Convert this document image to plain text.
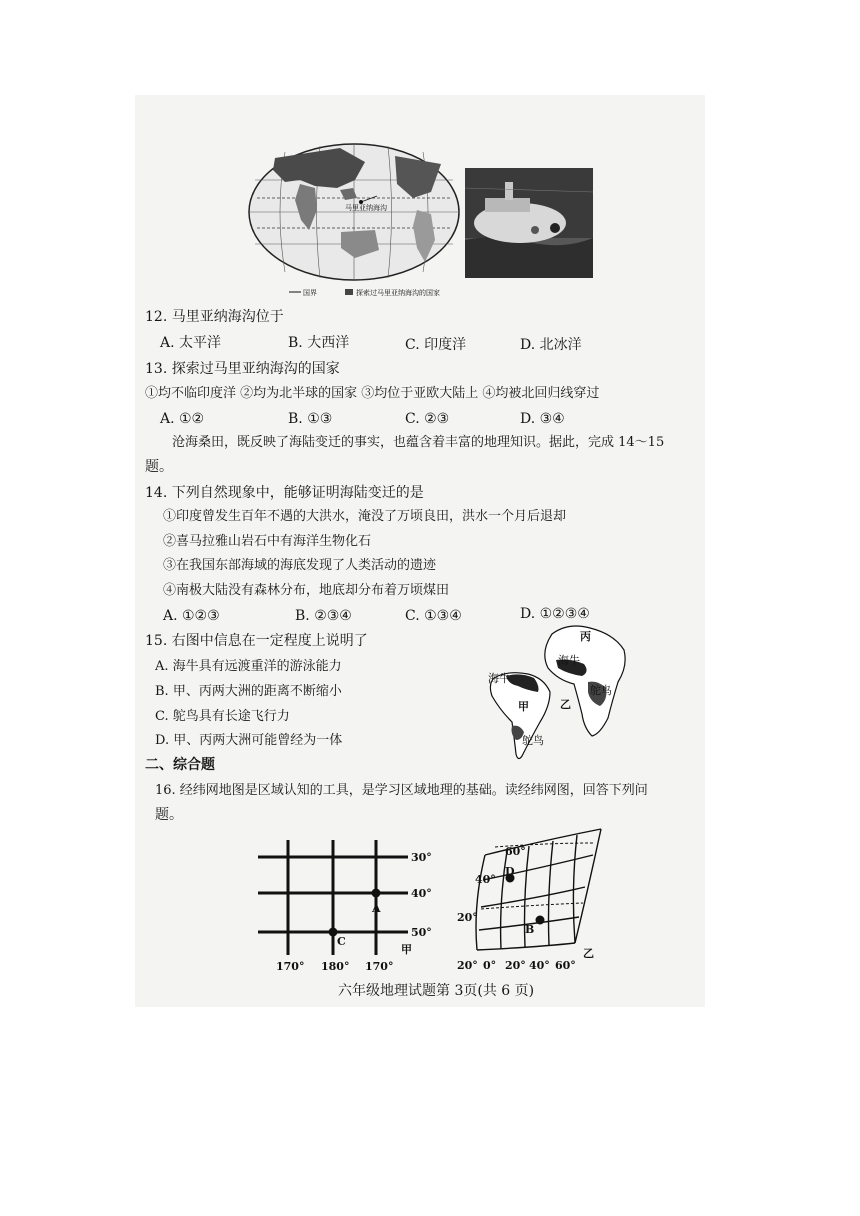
马里亚纳海沟
国界	探索过马里亚纳海沟的国家
12. 马里亚纳海沟位于
A. 太平洋	B. 大西洋	C. 印度洋	D. 北冰洋
13. 探索过马里亚纳海沟的国家
①均不临印度洋 ②均为北半球的国家 ③均位于亚欧大陆上 ④均被北回归线穿过
A. ①②	B. ①③	C. ②③	D. ③④
沧海桑田，既反映了海陆变迁的事实，也蕴含着丰富的地理知识。据此，完成 14～15
题。
14. 下列自然现象中，能够证明海陆变迁的是
①印度曾发生百年不遇的大洪水，淹没了万顷良田，洪水一个月后退却
②喜马拉雅山岩石中有海洋生物化石
③在我国东部海域的海底发现了人类活动的遗迹
④南极大陆没有森林分布，地底却分布着万顷煤田
A. ①②③	B. ②③④	C. ①③④	D. ①②③④
15. 右图中信息在一定程度上说明了
A. 海牛具有远渡重洋的游泳能力
B. 甲、丙两大洲的距离不断缩小
C. 鸵鸟具有长途飞行力
D. 甲、丙两大洲可能曾经为一体
丙
海牛
鸵鸟
海牛
甲	乙
鸵鸟
二、综合题
16. 经纬网地图是区域认知的工具，是学习区域地理的基础。读经纬网图，回答下列问
题。
30°
40°
50°
A
C
甲
170° 180° 170°
D
B
60°
40°
20°
20° 0° 20° 40° 60°
乙
六年级地理试题第 3页(共 6 页)
